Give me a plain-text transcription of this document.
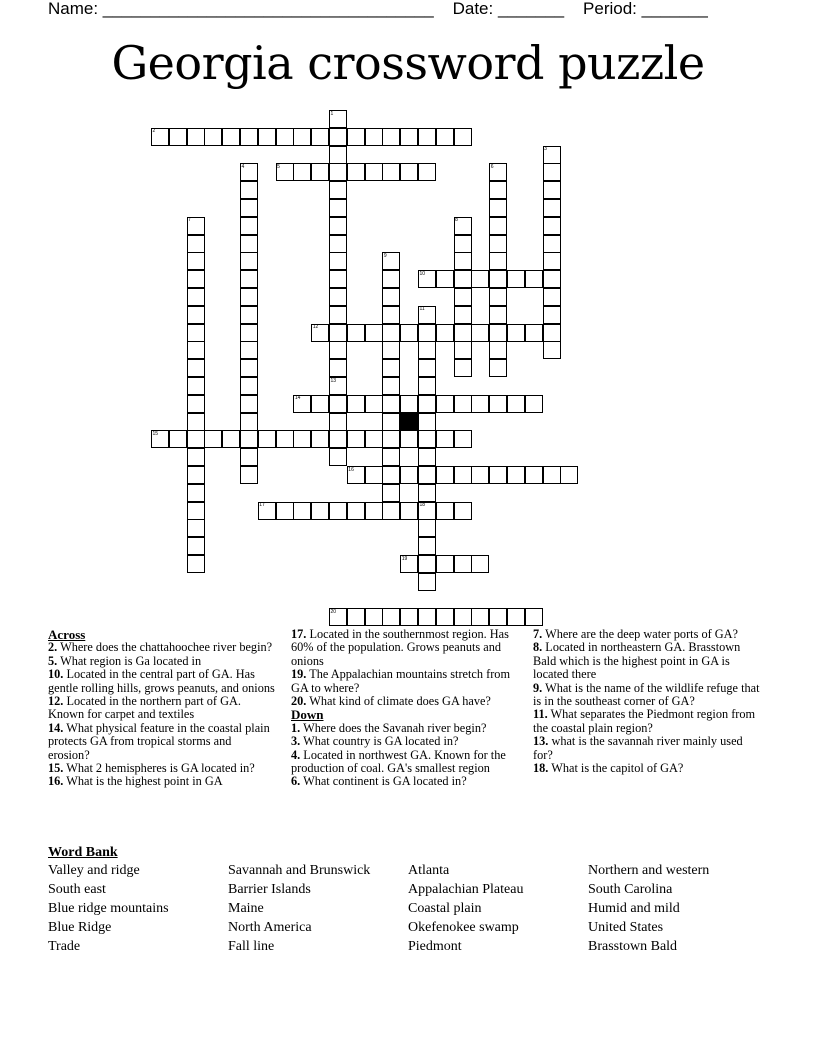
Name: ___________________________________    Date: _______    Period: _______
Georgia crossword puzzle
1
2
3
4	5	6
7	8
9
10
11
12
13
14
15
16
17	18
19
20
Across
2. Where does the chattahoochee river begin?
5. What region is Ga located in
10. Located in the central part of GA. Has gentle rolling hills, grows peanuts, and onions
12. Located in the northern part of GA. Known for carpet and textiles
14. What physical feature in the coastal plain protects GA from tropical storms and erosion?
15. What 2 hemispheres is GA located in?
16. What is the highest point in GA
17. Located in the southernmost region. Has 60% of the population. Grows peanuts and onions
19. The Appalachian mountains stretch from GA to where?
20. What kind of climate does GA have?
Down
1. Where does the Savanah river begin?
3. What country is GA located in?
4. Located in northwest GA. Known for the production of coal. GA's smallest region
6. What continent is GA located in?
7. Where are the deep water ports of GA?
8. Located in northeastern GA. Brasstown Bald which is the highest point in GA is located there
9. What is the name of the wildlife refuge that is in the southeast corner of GA?
11. What separates the Piedmont region from the coastal plain region?
13. what is the savannah river mainly used for?
18. What is the capitol of GA?
Word Bank
Valley and ridge
South east
Blue ridge mountains
Blue Ridge
Trade
Savannah and Brunswick
Barrier Islands
Maine
North America
Fall line
Atlanta
Appalachian Plateau
Coastal plain
Okefenokee swamp
Piedmont
Northern and western
South Carolina
Humid and mild
United States
Brasstown Bald
